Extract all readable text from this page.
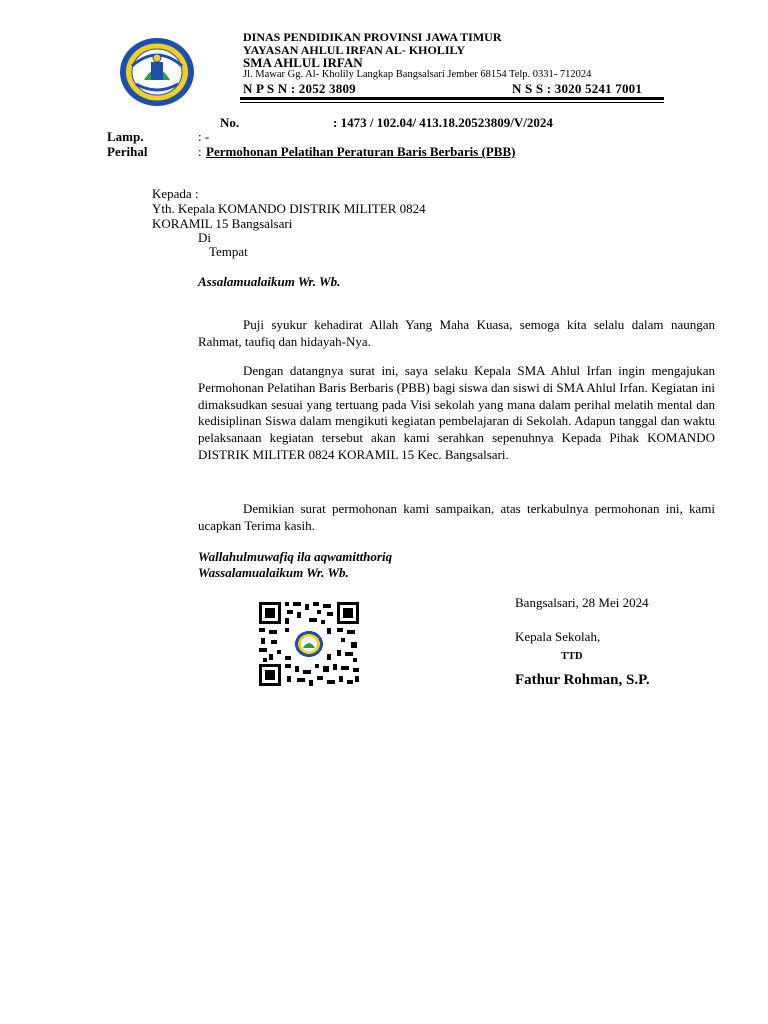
DINAS PENDIDIKAN PROVINSI JAWA TIMUR
YAYASAN AHLUL IRFAN AL- KHOLILY
SMA AHLUL IRFAN
Jl. Mawar Gg. Al- Kholily Langkap Bangsalsari Jember 68154 Telp. 0331- 712024
N P S N : 2052 3809	N S S : 3020 5241 7001
No.	: 1473 / 102.04/ 413.18.20523809/V/2024
Lamp.	: -
Perihal	: Permohonan Pelatihan Peraturan Baris Berbaris (PBB)
Kepada :
Yth. Kepala KOMANDO DISTRIK MILITER 0824
KORAMIL 15 Bangsalsari
Di
Tempat
Assalamualaikum Wr. Wb.
Puji syukur kehadirat Allah Yang Maha Kuasa, semoga kita selalu dalam naungan Rahmat, taufiq dan hidayah-Nya.
Dengan datangnya surat ini, saya selaku Kepala SMA Ahlul Irfan ingin mengajukan Permohonan Pelatihan Baris Berbaris (PBB) bagi siswa dan siswi di SMA Ahlul Irfan. Kegiatan ini dimaksudkan sesuai yang tertuang pada Visi sekolah yang mana dalam perihal melatih mental dan kedisiplinan Siswa dalam mengikuti kegiatan pembelajaran di Sekolah. Adapun tanggal dan waktu pelaksanaan kegiatan tersebut akan kami serahkan sepenuhnya Kepada Pihak KOMANDO DISTRIK MILITER 0824 KORAMIL 15 Kec. Bangsalsari.
Demikian surat permohonan kami sampaikan, atas terkabulnya permohonan ini, kami ucapkan Terima kasih.
Wallahulmuwafiq ila aqwamitthoriq
Wassalamualaikum Wr. Wb.
Bangsalsari, 28 Mei 2024
Kepala Sekolah,
TTD
Fathur Rohman, S.P.
